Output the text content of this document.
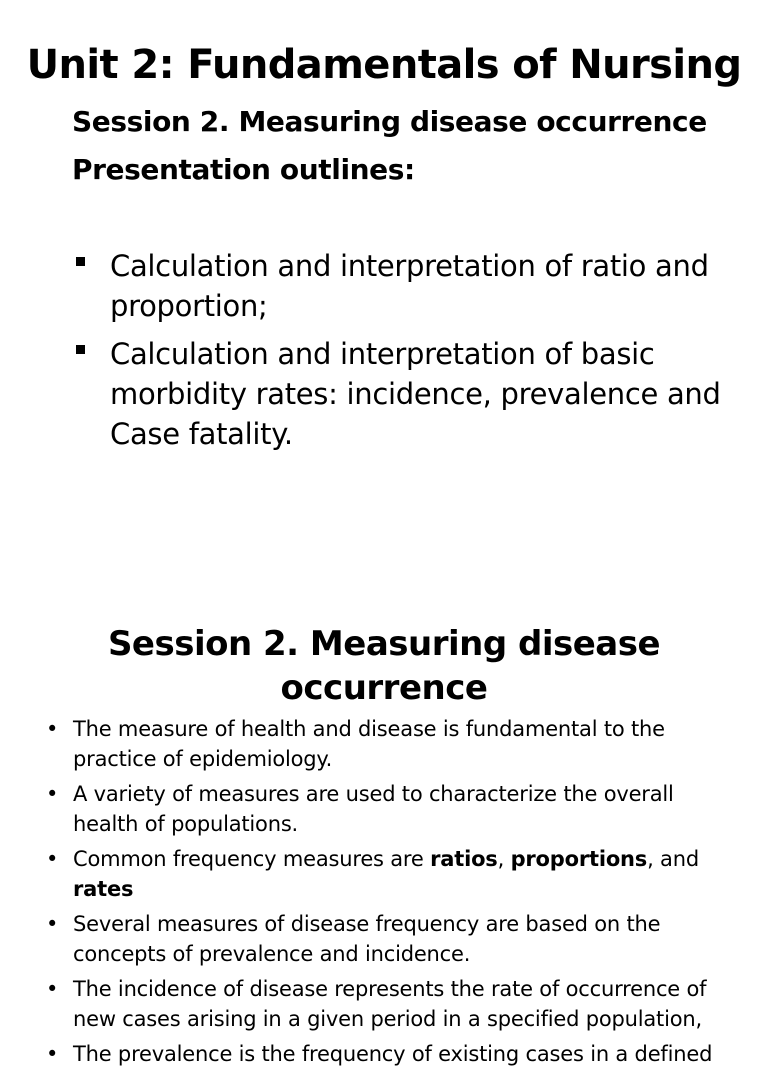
Unit 2: Fundamentals of Nursing
Session 2. Measuring disease occurrence
Presentation outlines:
Calculation and interpretation of ratio and proportion;
Calculation and interpretation of basic morbidity rates: incidence, prevalence and Case fatality.
Session 2. Measuring disease occurrence
• The measure of health and disease is fundamental to the practice of epidemiology.
• A variety of measures are used to characterize the overall health of populations.
• Common frequency measures are ratios, proportions, and rates
• Several measures of disease frequency are based on the concepts of prevalence and incidence.
• The incidence of disease represents the rate of occurrence of new cases arising in a given period in a specified population,
• The prevalence is the frequency of existing cases in a defined
